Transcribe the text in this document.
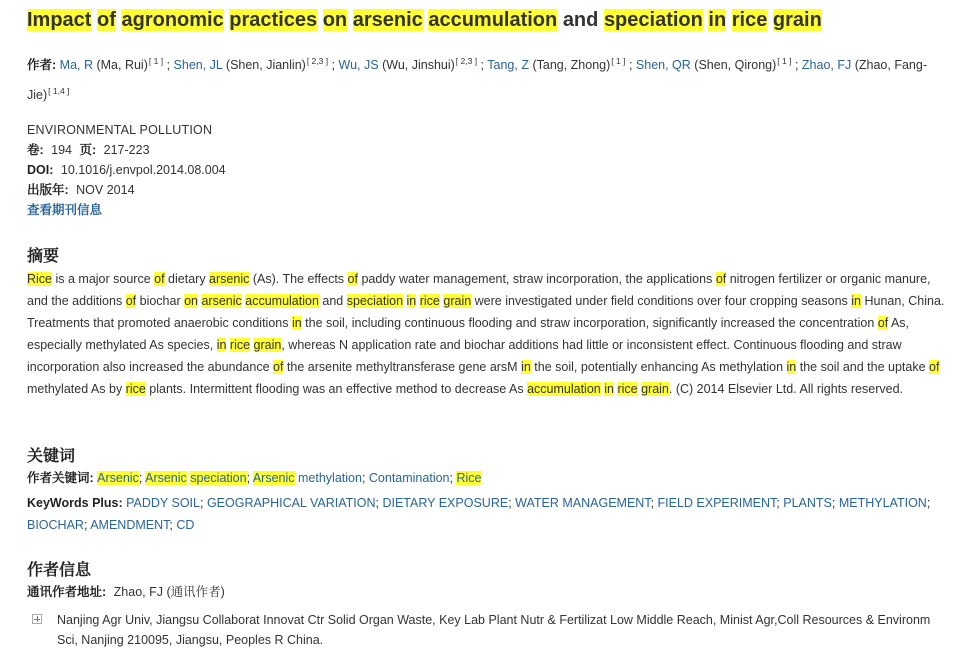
Impact of agronomic practices on arsenic accumulation and speciation in rice grain
作者: Ma, R (Ma, Rui)[ 1 ] ; Shen, JL (Shen, Jianlin)[ 2,3 ] ; Wu, JS (Wu, Jinshui)[ 2,3 ] ; Tang, Z (Tang, Zhong)[ 1 ] ; Shen, QR (Shen, Qirong)[ 1 ] ; Zhao, FJ (Zhao, Fang-Jie)[ 1,4 ]
ENVIRONMENTAL POLLUTION
卷: 194 页: 217-223
DOI: 10.1016/j.envpol.2014.08.004
出版年: NOV 2014
查看期刊信息
摘要
Rice is a major source of dietary arsenic (As). The effects of paddy water management, straw incorporation, the applications of nitrogen fertilizer or organic manure, and the additions of biochar on arsenic accumulation and speciation in rice grain were investigated under field conditions over four cropping seasons in Hunan, China. Treatments that promoted anaerobic conditions in the soil, including continuous flooding and straw incorporation, significantly increased the concentration of As, especially methylated As species, in rice grain, whereas N application rate and biochar additions had little or inconsistent effect. Continuous flooding and straw incorporation also increased the abundance of the arsenite methyltransferase gene arsM in the soil, potentially enhancing As methylation in the soil and the uptake of methylated As by rice plants. Intermittent flooding was an effective method to decrease As accumulation in rice grain. (C) 2014 Elsevier Ltd. All rights reserved.
关键词
作者关键词: Arsenic; Arsenic speciation; Arsenic methylation; Contamination; Rice
KeyWords Plus: PADDY SOIL; GEOGRAPHICAL VARIATION; DIETARY EXPOSURE; WATER MANAGEMENT; FIELD EXPERIMENT; PLANTS; METHYLATION; BIOCHAR; AMENDMENT; CD
作者信息
通讯作者地址: Zhao, FJ (通讯作者)
Nanjing Agr Univ, Jiangsu Collaborat Innovat Ctr Solid Organ Waste, Key Lab Plant Nutr & Fertilizat Low Middle Reach, Minist Agr,Coll Resources & Environm Sci, Nanjing 210095, Jiangsu, Peoples R China.
